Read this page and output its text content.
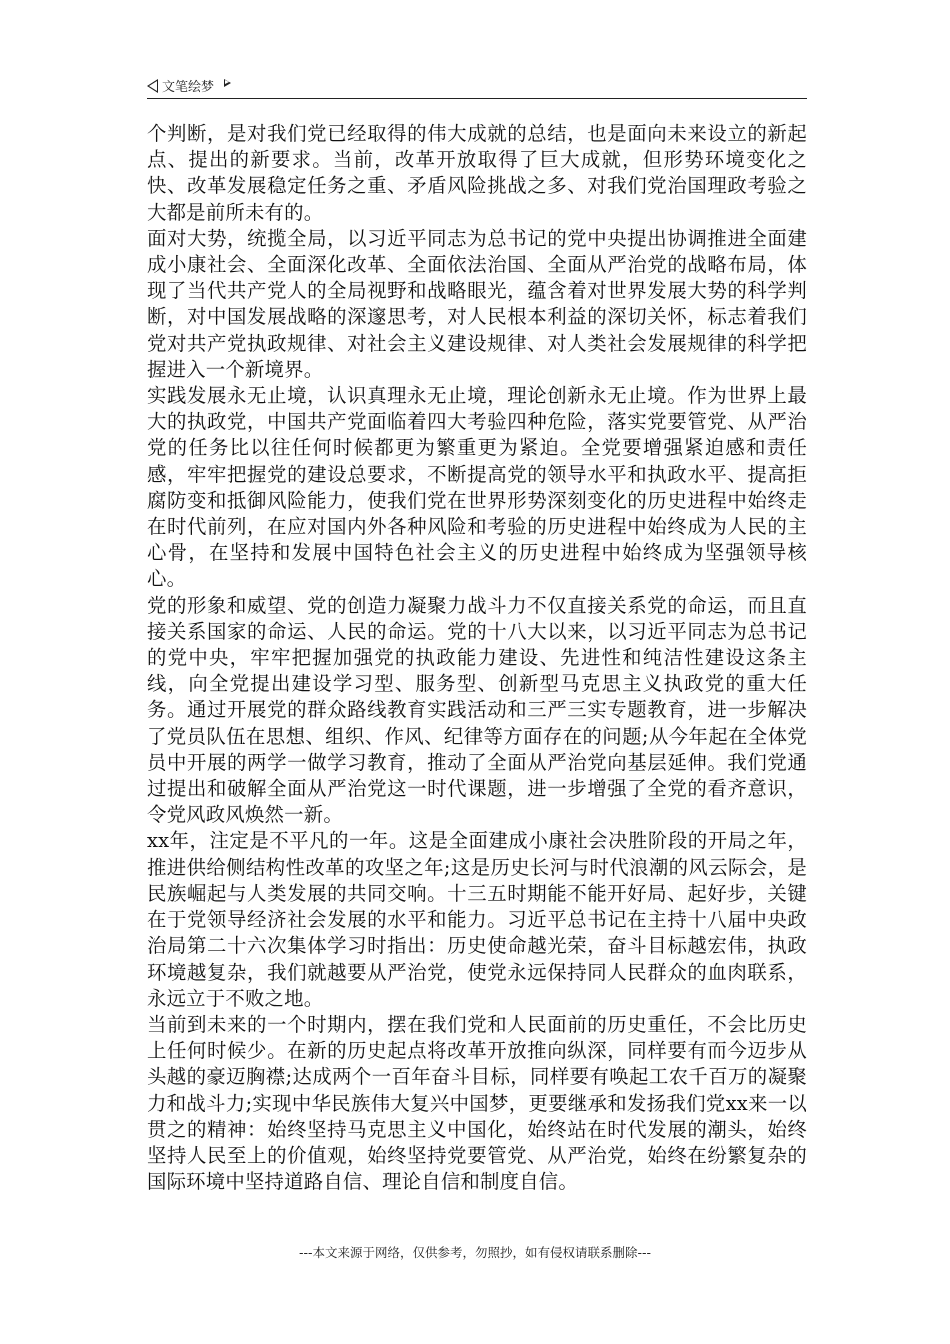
文笔绘梦

个判断，是对我们党已经取得的伟大成就的总结，也是面向未来设立的新起点、提出的新要求。当前，改革开放取得了巨大成就，但形势环境变化之快、改革发展稳定任务之重、矛盾风险挑战之多、对我们党治国理政考验之大都是前所未有的。

面对大势，统揽全局，以习近平同志为总书记的党中央提出协调推进全面建成小康社会、全面深化改革、全面依法治国、全面从严治党的战略布局，体现了当代共产党人的全局视野和战略眼光，蕴含着对世界发展大势的科学判断，对中国发展战略的深邃思考，对人民根本利益的深切关怀，标志着我们党对共产党执政规律、对社会主义建设规律、对人类社会发展规律的科学把握进入一个新境界。

实践发展永无止境，认识真理永无止境，理论创新永无止境。作为世界上最大的执政党，中国共产党面临着四大考验四种危险，落实党要管党、从严治党的任务比以往任何时候都更为繁重更为紧迫。全党要增强紧迫感和责任感，牢牢把握党的建设总要求，不断提高党的领导水平和执政水平、提高拒腐防变和抵御风险能力，使我们党在世界形势深刻变化的历史进程中始终走在时代前列，在应对国内外各种风险和考验的历史进程中始终成为人民的主心骨，在坚持和发展中国特色社会主义的历史进程中始终成为坚强领导核心。

党的形象和威望、党的创造力凝聚力战斗力不仅直接关系党的命运，而且直接关系国家的命运、人民的命运。党的十八大以来，以习近平同志为总书记的党中央，牢牢把握加强党的执政能力建设、先进性和纯洁性建设这条主线，向全党提出建设学习型、服务型、创新型马克思主义执政党的重大任务。通过开展党的群众路线教育实践活动和三严三实专题教育，进一步解决了党员队伍在思想、组织、作风、纪律等方面存在的问题;从今年起在全体党员中开展的两学一做学习教育，推动了全面从严治党向基层延伸。我们党通过提出和破解全面从严治党这一时代课题，进一步增强了全党的看齐意识，令党风政风焕然一新。

xx年，注定是不平凡的一年。这是全面建成小康社会决胜阶段的开局之年，推进供给侧结构性改革的攻坚之年;这是历史长河与时代浪潮的风云际会，是民族崛起与人类发展的共同交响。十三五时期能不能开好局、起好步，关键在于党领导经济社会发展的水平和能力。习近平总书记在主持十八届中央政治局第二十六次集体学习时指出：历史使命越光荣，奋斗目标越宏伟，执政环境越复杂，我们就越要从严治党，使党永远保持同人民群众的血肉联系，永远立于不败之地。

当前到未来的一个时期内，摆在我们党和人民面前的历史重任，不会比历史上任何时候少。在新的历史起点将改革开放推向纵深，同样要有而今迈步从头越的豪迈胸襟;达成两个一百年奋斗目标，同样要有唤起工农千百万的凝聚力和战斗力;实现中华民族伟大复兴中国梦，更要继承和发扬我们党xx来一以贯之的精神：始终坚持马克思主义中国化，始终站在时代发展的潮头，始终坚持人民至上的价值观，始终坚持党要管党、从严治党，始终在纷繁复杂的国际环境中坚持道路自信、理论自信和制度自信。

---本文来源于网络，仅供参考，勿照抄，如有侵权请联系删除---
